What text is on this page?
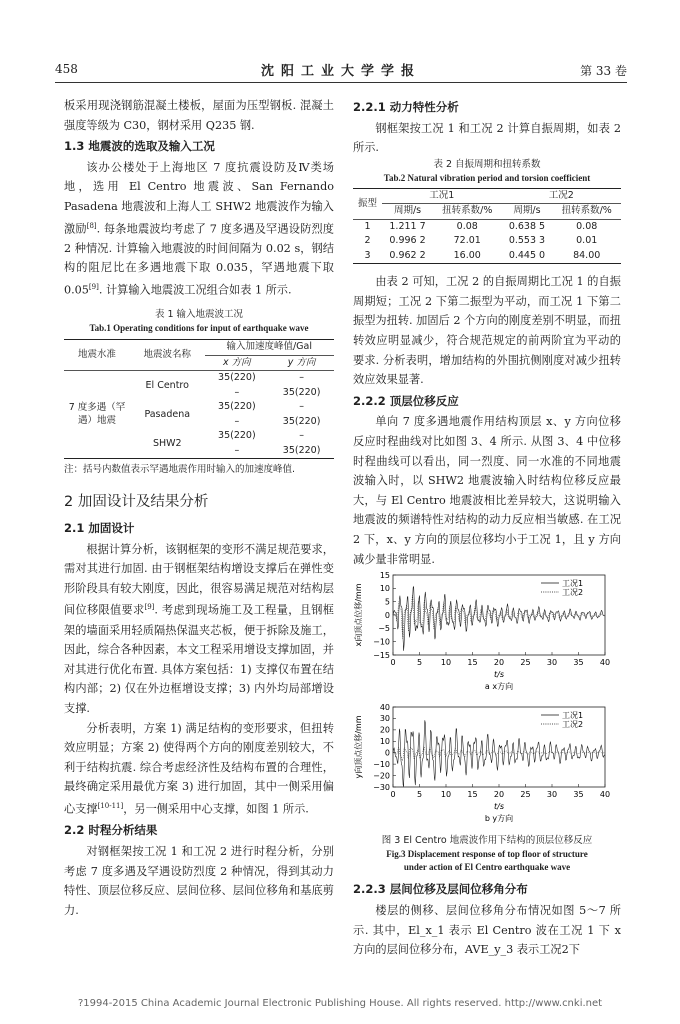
458	沈阳工业大学学报	第 33 卷

板采用现浇钢筋混凝土楼板，屋面为压型钢板. 混凝土强度等级为 C30，钢材采用 Q235 钢.

1.3 地震波的选取及输入工况

该办公楼处于上海地区 7 度抗震设防及Ⅳ类场地，选用 El Centro 地震波、San Fernando Pasadena 地震波和上海人工 SHW2 地震波作为输入激励[8]. 每条地震波均考虑了 7 度多遇及罕遇设防烈度 2 种情况. 计算输入地震波的时间间隔为 0.02 s，钢结构的阻尼比在多遇地震下取 0.035，罕遇地震下取 0.05[9]. 计算输入地震波工况组合如表 1 所示.

表 1 输入地震波工况
Tab.1 Operating conditions for input of earthquake wave
地震水准	地震波名称	输入加速度峰值/Gal	
		x 方向	y 方向
7 度多遇（罕遇）地震	El Centro	35(220)	–
		–	35(220)
	Pasadena	35(220)	–
		–	35(220)
	SHW2	35(220)	–
		–	35(220)
注：括号内数值表示罕遇地震作用时输入的加速度峰值.
2 加固设计及结果分析
2.1 加固设计

根据计算分析，该钢框架的变形不满足规范要求，需对其进行加固. 由于钢框架结构增设支撑后在弹性变形阶段具有较大刚度，因此，很容易满足规范对结构层间位移限值要求[9]. 考虑到现场施工及工程量，且钢框架的墙面采用轻质隔热保温夹芯板，便于拆除及施工，因此，综合各种因素，本文工程采用增设支撑加固，并对其进行优化布置. 具体方案包括：1) 支撑仅布置在结构内部；2) 仅在外边框增设支撑；3) 内外均局部增设支撑.

分析表明，方案 1) 满足结构的变形要求，但扭转效应明显；方案 2) 使得两个方向的刚度差别较大，不利于结构抗震. 综合考虑经济性及结构布置的合理性，最终确定采用最优方案 3) 进行加固，其中一侧采用偏心支撑[10-11]，另一侧采用中心支撑，如图 1 所示.

2.2 时程分析结果

对钢框架按工况 1 和工况 2 进行时程分析，分别考虑 7 度多遇及罕遇设防烈度 2 种情况，得到其动力特性、顶层位移反应、层间位移、层间位移角和基底剪力.

2.2.1 动力特性分析

钢框架按工况 1 和工况 2 计算自振周期，如表 2 所示.

表 2 自振周期和扭转系数
Tab.2 Natural vibration period and torsion coefficient
振型	工况1		工况2	
	周期/s	扭转系数/%	周期/s	扭转系数/%
1	1.211 7	0.08	0.638 5	0.08
2	0.996 2	72.01	0.553 3	0.01
3	0.962 2	16.00	0.445 0	84.00

由表 2 可知，工况 2 的自振周期比工况 1 的自振周期短；工况 2 下第二振型为平动，而工况 1 下第二振型为扭转. 加固后 2 个方向的刚度差别不明显，而扭转效应明显减少，符合规范规定的前两阶宜为平动的要求. 分析表明，增加结构的外围抗侧刚度对减少扭转效应效果显著.

2.2.2 顶层位移反应

单向 7 度多遇地震作用结构顶层 x、y 方向位移反应时程曲线对比如图 3、4 所示. 从图 3、4 中位移时程曲线可以看出，同一烈度、同一水准的不同地震波输入时，以 SHW2 地震波输入时结构位移反应最大，与 El Centro 地震波相比差异较大，这说明输入地震波的频谱特性对结构的动力反应相当敏感. 在工况 2 下，x、y 方向的顶层位移均小于工况 1，且 y 方向减少量非常明显.

0	5 10 15 20 25 30 35 40
−15
−10
−5
0
5
10
15
x向顶点位移/mm
t/s
a x方向
工况1
工况2

0	5 10 15 20 25 30 35 40
−30
−20
−10
0
10
20
30
40
y向顶点位移/mm
t/s
b y方向
工况1
工况2
图 3 El Centro 地震波作用下结构的顶层位移反应
Fig.3 Displacement response of top floor of structure
under action of El Centro earthquake wave
2.2.3 层间位移及层间位移角分布

楼层的侧移、层间位移角分布情况如图 5～7 所示. 其中，El_x_1 表示 El Centro 波在工况 1 下 x 方向的层间位移分布，AVE_y_3 表示工况2下

?1994-2015 China Academic Journal Electronic Publishing House. All rights reserved. http://www.cnki.net
